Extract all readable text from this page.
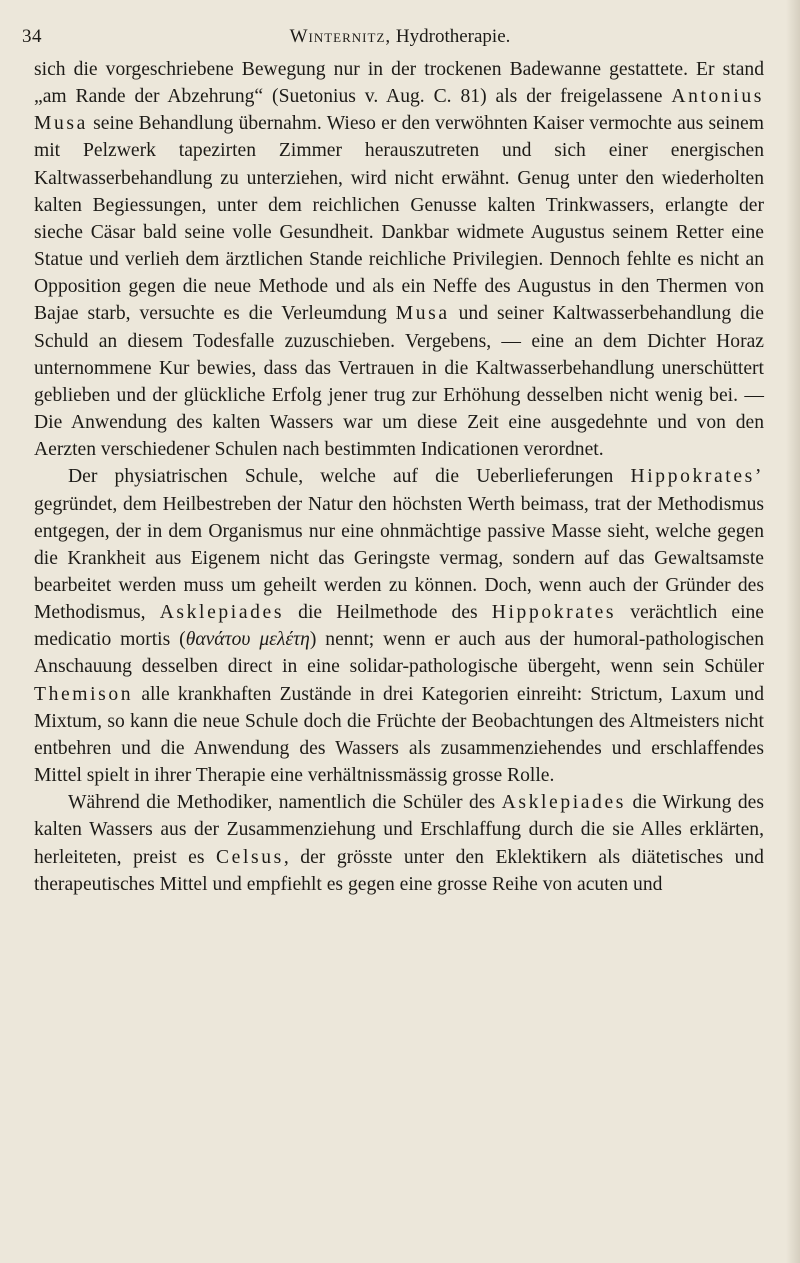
34	Winternitz, Hydrotherapie.

sich die vorgeschriebene Bewegung nur in der trockenen Badewanne gestattete. Er stand „am Rande der Abzehrung“ (Suetonius v. Aug. C. 81) als der freigelassene Antonius Musa seine Behandlung übernahm. Wieso er den verwöhnten Kaiser vermochte aus seinem mit Pelzwerk tapezirten Zimmer herauszutreten und sich einer energischen Kaltwasserbehandlung zu unterziehen, wird nicht erwähnt. Genug unter den wiederholten kalten Begiessungen, unter dem reichlichen Genusse kalten Trinkwassers, erlangte der sieche Cäsar bald seine volle Gesundheit. Dankbar widmete Augustus seinem Retter eine Statue und verlieh dem ärztlichen Stande reichliche Privilegien. Dennoch fehlte es nicht an Opposition gegen die neue Methode und als ein Neffe des Augustus in den Thermen von Bajae starb, versuchte es die Verleumdung Musa und seiner Kaltwasserbehandlung die Schuld an diesem Todesfalle zuzuschieben. Vergebens, — eine an dem Dichter Horaz unternommene Kur bewies, dass das Vertrauen in die Kaltwasserbehandlung unerschüttert geblieben und der glückliche Erfolg jener trug zur Erhöhung desselben nicht wenig bei. — Die Anwendung des kalten Wassers war um diese Zeit eine ausgedehnte und von den Aerzten verschiedener Schulen nach bestimmten Indicationen verordnet.

Der physiatrischen Schule, welche auf die Ueberlieferungen Hippokrates’ gegründet, dem Heilbestreben der Natur den höchsten Werth beimass, trat der Methodismus entgegen, der in dem Organismus nur eine ohnmächtige passive Masse sieht, welche gegen die Krankheit aus Eigenem nicht das Geringste vermag, sondern auf das Gewaltsamste bearbeitet werden muss um geheilt werden zu können. Doch, wenn auch der Gründer des Methodismus, Asklepiades die Heilmethode des Hippokrates verächtlich eine medicatio mortis (θανάτου μελέτη) nennt; wenn er auch aus der humoral-pathologischen Anschauung desselben direct in eine solidar-pathologische übergeht, wenn sein Schüler Themison alle krankhaften Zustände in drei Kategorien einreiht: Strictum, Laxum und Mixtum, so kann die neue Schule doch die Früchte der Beobachtungen des Altmeisters nicht entbehren und die Anwendung des Wassers als zusammenziehendes und erschlaffendes Mittel spielt in ihrer Therapie eine verhältnissmässig grosse Rolle.

Während die Methodiker, namentlich die Schüler des Asklepiades die Wirkung des kalten Wassers aus der Zusammenziehung und Erschlaffung durch die sie Alles erklärten, herleiteten, preist es Celsus, der grösste unter den Eklektikern als diätetisches und therapeutisches Mittel und empfiehlt es gegen eine grosse Reihe von acuten und
